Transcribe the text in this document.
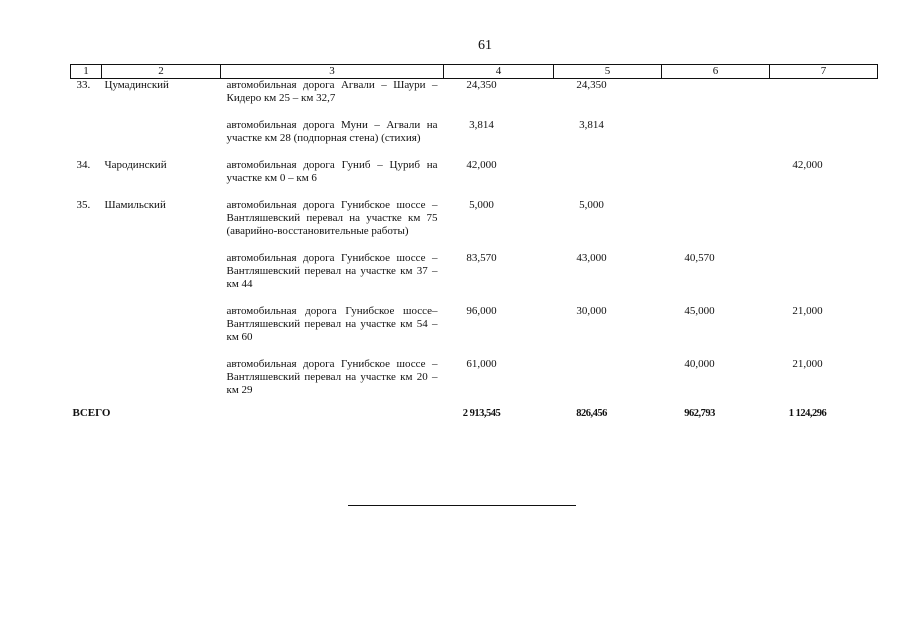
61
1 2		3	4	5	6	7
33.	Цумадинский	автомобильная дорога Агвали – Шаури – Кидеро км 25 – км 32,7	24,350	24,350		

		автомобильная дорога Муни – Агвали на участке км 28 (подпорная стена) (стихия)	3,814	3,814		

34.	Чародинский	автомобильная дорога Гуниб – Цуриб на участке км 0 – км 6	42,000			42,000

35.	Шамильский	автомобильная дорога Гунибское шоссе – Вантляшевский перевал на участке км 75 (аварийно-восстановительные работы)	5,000	5,000		

		автомобильная дорога Гунибское шоссе – Вантляшевский перевал на участке км 37 – км 44	83,570	43,000	40,570	

		автомобильная дорога Гунибское шоссе–Вантляшевский перевал на участке км 54 – км 60	96,000	30,000	45,000	21,000

		автомобильная дорога Гунибское шоссе – Вантляшевский перевал на участке км 20 – км 29	61,000		40,000	21,000

ВСЕГО			2 913,545	826,456	962,793	1 124,296
